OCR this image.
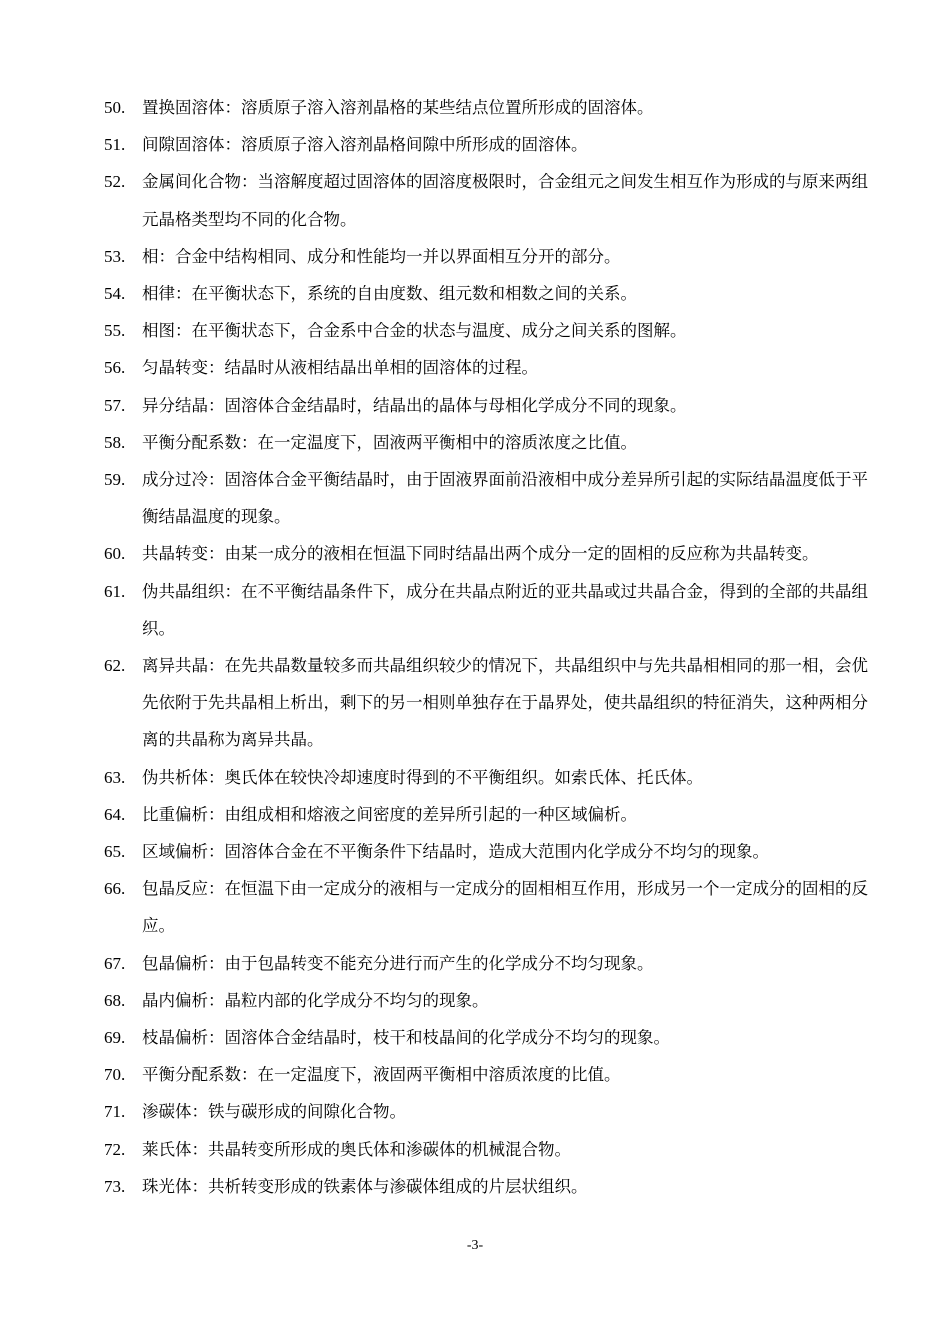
50.	置换固溶体：溶质原子溶入溶剂晶格的某些结点位置所形成的固溶体。
51.	间隙固溶体：溶质原子溶入溶剂晶格间隙中所形成的固溶体。
52.	金属间化合物：当溶解度超过固溶体的固溶度极限时，合金组元之间发生相互作为形成的与原来两组元晶格类型均不同的化合物。
53.	相：合金中结构相同、成分和性能均一并以界面相互分开的部分。
54.	相律：在平衡状态下，系统的自由度数、组元数和相数之间的关系。
55.	相图：在平衡状态下，合金系中合金的状态与温度、成分之间关系的图解。
56.	匀晶转变：结晶时从液相结晶出单相的固溶体的过程。
57.	异分结晶：固溶体合金结晶时，结晶出的晶体与母相化学成分不同的现象。
58.	平衡分配系数：在一定温度下，固液两平衡相中的溶质浓度之比值。
59.	成分过冷：固溶体合金平衡结晶时，由于固液界面前沿液相中成分差异所引起的实际结晶温度低于平衡结晶温度的现象。
60.	共晶转变：由某一成分的液相在恒温下同时结晶出两个成分一定的固相的反应称为共晶转变。
61.	伪共晶组织：在不平衡结晶条件下，成分在共晶点附近的亚共晶或过共晶合金，得到的全部的共晶组织。
62.	离异共晶：在先共晶数量较多而共晶组织较少的情况下，共晶组织中与先共晶相相同的那一相，会优先依附于先共晶相上析出，剩下的另一相则单独存在于晶界处，使共晶组织的特征消失，这种两相分离的共晶称为离异共晶。
63.	伪共析体：奥氏体在较快冷却速度时得到的不平衡组织。如索氏体、托氏体。
64.	比重偏析：由组成相和熔液之间密度的差异所引起的一种区域偏析。
65.	区域偏析：固溶体合金在不平衡条件下结晶时，造成大范围内化学成分不均匀的现象。
66.	包晶反应：在恒温下由一定成分的液相与一定成分的固相相互作用，形成另一个一定成分的固相的反应。
67.	包晶偏析：由于包晶转变不能充分进行而产生的化学成分不均匀现象。
68.	晶内偏析：晶粒内部的化学成分不均匀的现象。
69.	枝晶偏析：固溶体合金结晶时，枝干和枝晶间的化学成分不均匀的现象。
70.	平衡分配系数：在一定温度下，液固两平衡相中溶质浓度的比值。
71.	渗碳体：铁与碳形成的间隙化合物。
72.	莱氏体：共晶转变所形成的奥氏体和渗碳体的机械混合物。
73.	珠光体：共析转变形成的铁素体与渗碳体组成的片层状组织。
-3-
